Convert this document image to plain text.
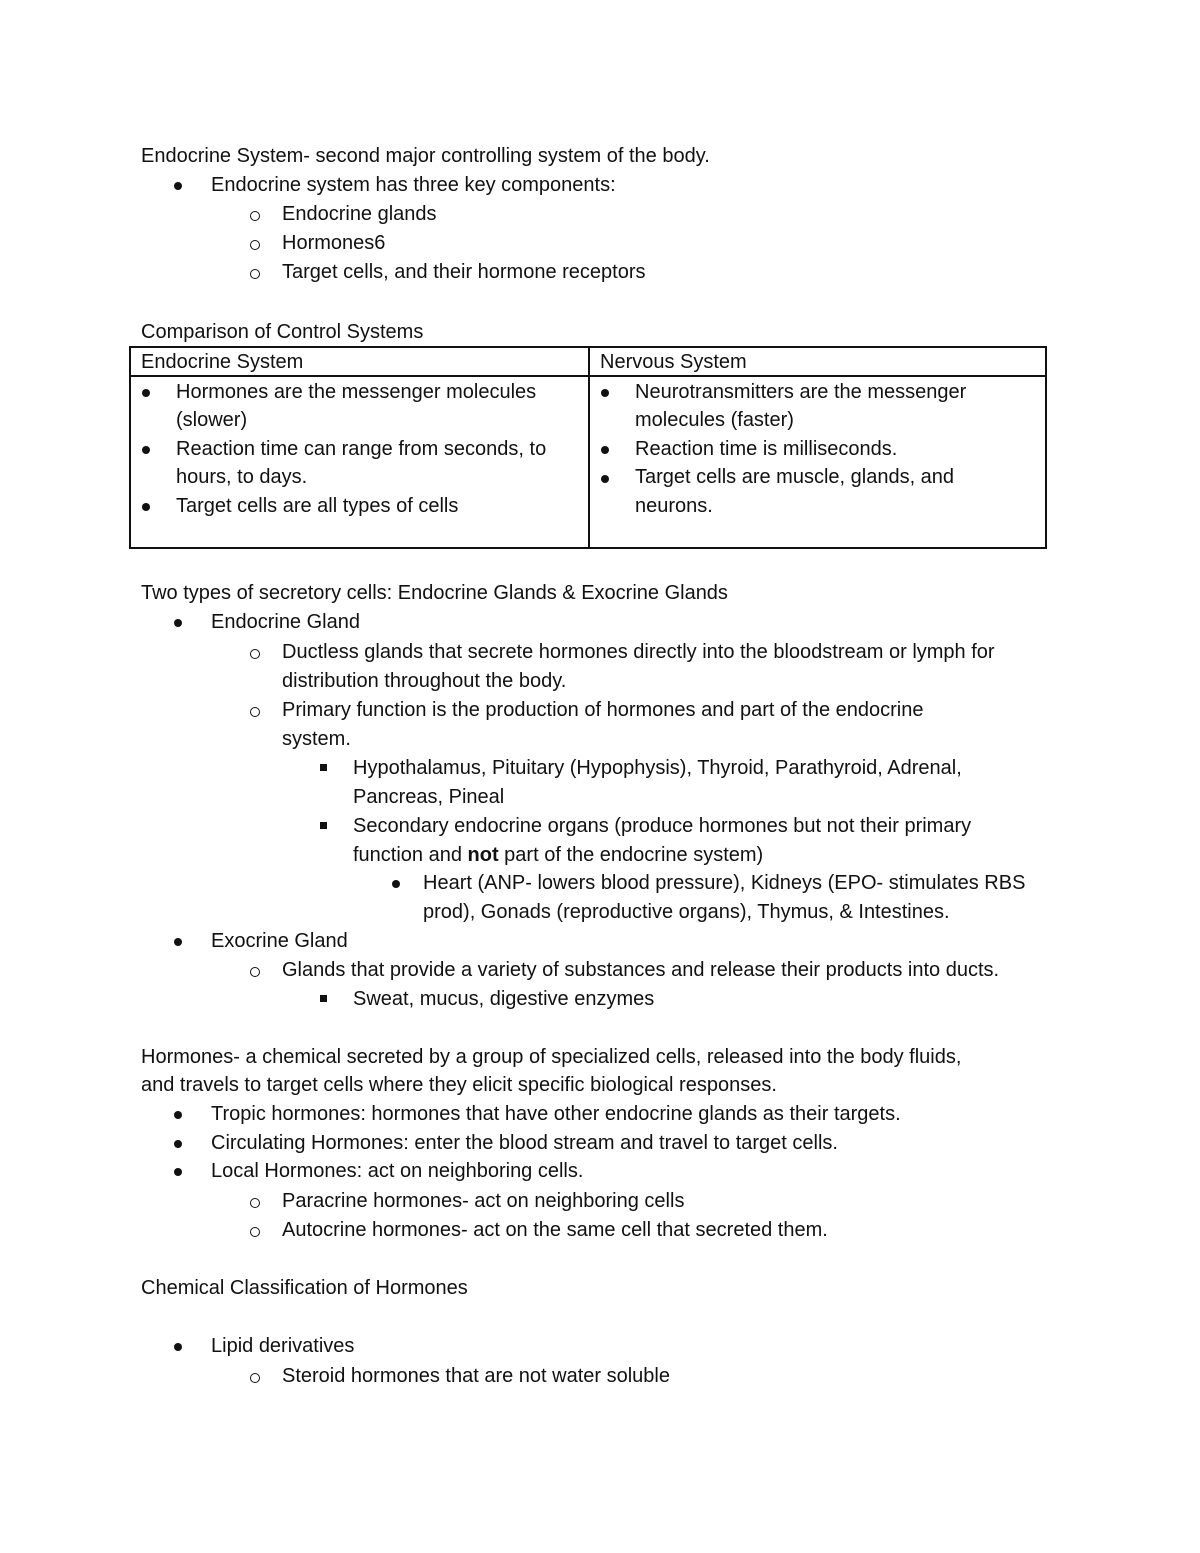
Endocrine System- second major controlling system of the body.
Endocrine system has three key components:
Endocrine glands
Hormones6
Target cells, and their hormone receptors
Comparison of Control Systems
Endocrine System	Nervous System
Hormones are the messenger molecules
(slower)
Reaction time can range from seconds, to
hours, to days.
Target cells are all types of cells
Neurotransmitters are the messenger
molecules (faster)
Reaction time is milliseconds.
Target cells are muscle, glands, and
neurons.
Two types of secretory cells: Endocrine Glands & Exocrine Glands
Endocrine Gland
Ductless glands that secrete hormones directly into the bloodstream or lymph for
distribution throughout the body.
Primary function is the production of hormones and part of the endocrine
system.
Hypothalamus, Pituitary (Hypophysis), Thyroid, Parathyroid, Adrenal,
Pancreas, Pineal
Secondary endocrine organs (produce hormones but not their primary
function and not part of the endocrine system)
Heart (ANP- lowers blood pressure), Kidneys (EPO- stimulates RBS
prod), Gonads (reproductive organs), Thymus, & Intestines.
Exocrine Gland
Glands that provide a variety of substances and release their products into ducts.
Sweat, mucus, digestive enzymes
Hormones- a chemical secreted by a group of specialized cells, released into the body fluids,
and travels to target cells where they elicit specific biological responses.
Tropic hormones: hormones that have other endocrine glands as their targets.
Circulating Hormones: enter the blood stream and travel to target cells.
Local Hormones: act on neighboring cells.
Paracrine hormones- act on neighboring cells
Autocrine hormones- act on the same cell that secreted them.
Chemical Classification of Hormones
Lipid derivatives
Steroid hormones that are not water soluble
